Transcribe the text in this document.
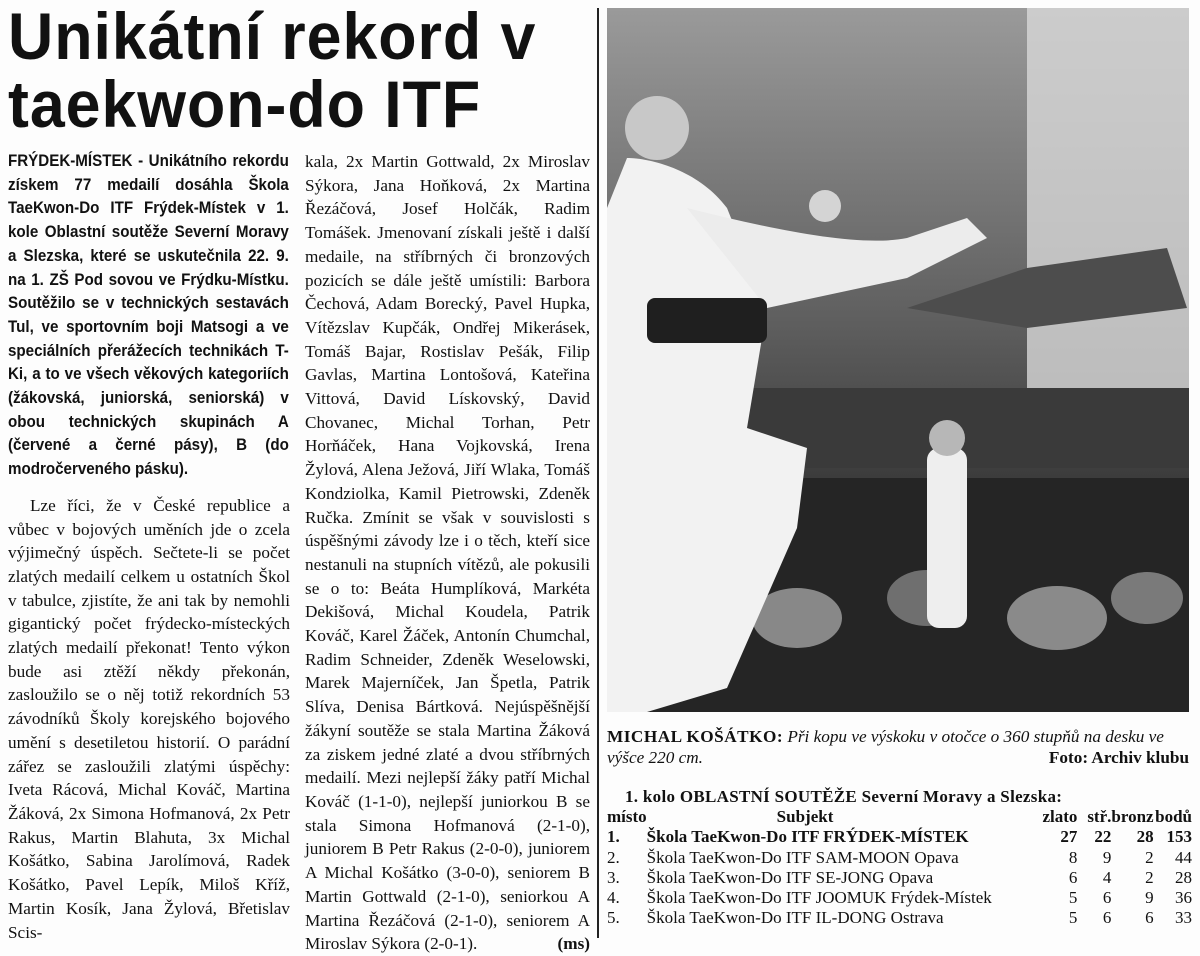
Unikátní rekord v
taekwon-do ITF

FRÝDEK-MÍSTEK - Unikátního rekordu získem 77 medailí dosáhla Škola TaeKwon-Do ITF Frýdek-Místek v 1. kole Oblastní soutěže Severní Moravy a Slezska, které se uskutečnila 22. 9. na 1. ZŠ Pod sovou ve Frýdku-Místku. Soutěžilo se v technických sestavách Tul, ve sportovním boji Matsogi a ve speciálních přerážecích technikách T-Ki, a to ve všech věkových kategoriích (žákovská, juniorská, seniorská) v obou technických skupinách A (červené a černé pásy), B (do modročerveného pásku).

Lze říci, že v České republice a vůbec v bojových uměních jde o zcela výjimečný úspěch. Sečtete-li se počet zlatých medailí celkem u ostatních Škol v tabulce, zjistíte, že ani tak by nemohli gigantický počet frýdecko-místeckých zlatých medailí překonat! Tento výkon bude asi ztěží někdy překonán, zasloužilo se o něj totiž rekordních 53 závodníků Školy korejského bojového umění s desetiletou historií. O parádní zářez se zasloužili zlatými úspěchy: Iveta Rácová, Michal Kováč, Martina Žáková, 2x Simona Hofmanová, 2x Petr Rakus, Martin Blahuta, 3x Michal Košátko, Sabina Jarolímová, Radek Košátko, Pavel Lepík, Miloš Kříž, Martin Kosík, Jana Žylová, Břetislav Scis-

kala, 2x Martin Gottwald, 2x Miroslav Sýkora, Jana Hoňková, 2x Martina Řezáčová, Josef Holčák, Radim Tomášek. Jmenovaní získali ještě i další medaile, na stříbrných či bronzových pozicích se dále ještě umístili: Barbora Čechová, Adam Borecký, Pavel Hupka, Vítězslav Kupčák, Ondřej Mikerásek, Tomáš Bajar, Rostislav Pešák, Filip Gavlas, Martina Lontošová, Kateřina Vittová, David Lískovský, David Chovanec, Michal Torhan, Petr Horňáček, Hana Vojkovská, Irena Žylová, Alena Ježová, Jiří Wlaka, Tomáš Kondziolka, Kamil Pietrowski, Zdeněk Ručka. Zmínit se však v souvislosti s úspěšnými závody lze i o těch, kteří sice nestanuli na stupních vítězů, ale pokusili se o to: Beáta Humplíková, Markéta Dekišová, Michal Koudela, Patrik Kováč, Karel Žáček, Antonín Chumchal, Radim Schneider, Zdeněk Weselowski, Marek Majerníček, Jan Špetla, Patrik Slíva, Denisa Bártková. Nejúspěšnější žákyní soutěže se stala Martina Žáková za ziskem jedné zlaté a dvou stříbrných medailí. Mezi nejlepší žáky patří Michal Kováč (1-1-0), nejlepší juniorkou B se stala Simona Hofmanová (2-1-0), juniorem B Petr Rakus (2-0-0), juniorem A Michal Košátko (3-0-0), seniorem B Martin Gottwald (2-1-0), seniorkou A Martina Řezáčová (2-1-0), seniorem A Miroslav Sýkora (2-0-1).	(ms)

MICHAL KOŠÁTKO: Při kopu ve výskoku v otočce o 360 stupňů na desku ve výšce 220 cm.	Foto: Archiv klubu

1. kolo OBLASTNÍ SOUTĚŽE Severní Moravy a Slezska:

místo	Subjekt	zlato	stř.	bronz	bodů
1.	Škola TaeKwon-Do ITF FRÝDEK-MÍSTEK	27	22	28	153
2.	Škola TaeKwon-Do ITF SAM-MOON Opava	8	9	2	44
3.	Škola TaeKwon-Do ITF SE-JONG Opava	6	4	2	28
4.	Škola TaeKwon-Do ITF JOOMUK Frýdek-Místek	5	6	9	36
5.	Škola TaeKwon-Do ITF IL-DONG Ostrava	5	6	6	33
